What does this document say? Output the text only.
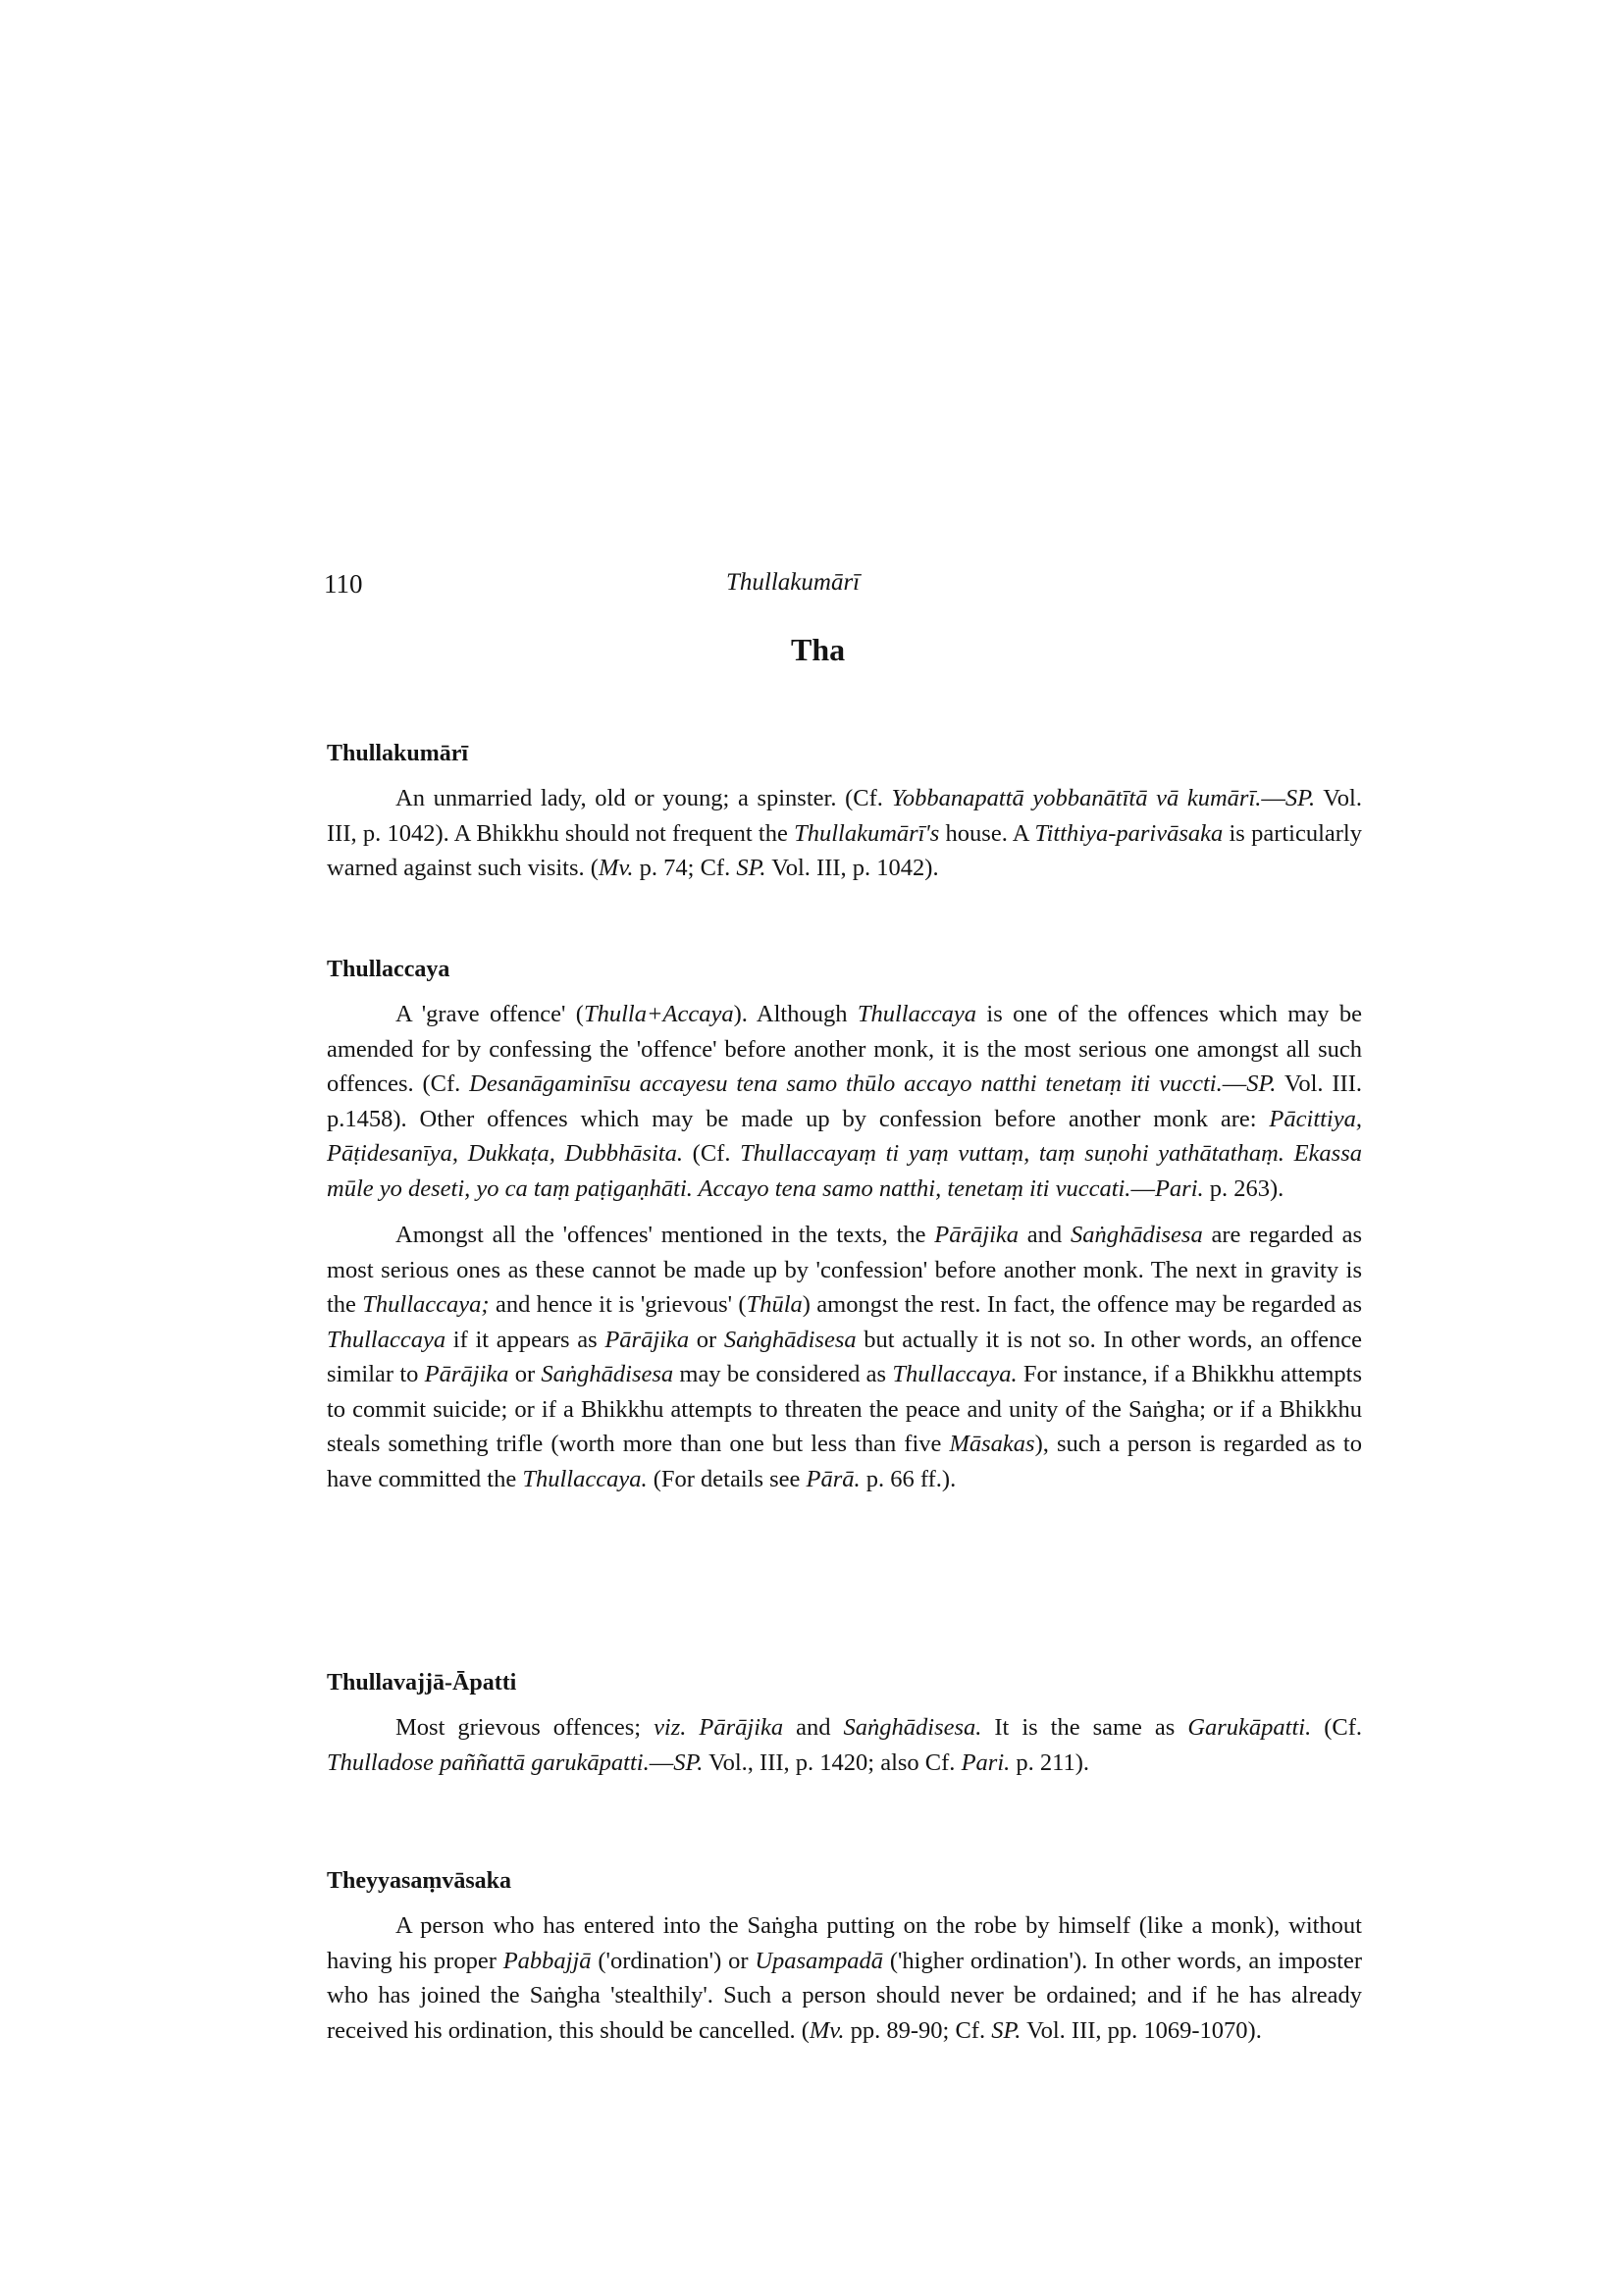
110	Thullakumārī
Tha
Thullakumārī

An unmarried lady, old or young; a spinster. (Cf. Yobbanapattā yobbanātītā vā kumārī.—SP. Vol. III, p. 1042). A Bhikkhu should not frequent the Thullakumārī's house. A Titthiya-parivāsaka is particularly warned against such visits. (Mv. p. 74; Cf. SP. Vol. III, p. 1042).

Thullaccaya

A 'grave offence' (Thulla+Accaya). Although Thullaccaya is one of the offences which may be amended for by confessing the 'offence' before another monk, it is the most serious one amongst all such offences. (Cf. Desanāgaminīsu accayesu tena samo thūlo accayo natthi tenetaṃ iti vuccti.—SP. Vol. III. p.1458). Other offences which may be made up by confession before another monk are: Pācittiya, Pāṭidesanīya, Dukkaṭa, Dubbhāsita. (Cf. Thullaccayaṃ ti yaṃ vuttaṃ, taṃ suṇohi yathātathaṃ. Ekassa mūle yo deseti, yo ca taṃ paṭigaṇhāti. Accayo tena samo natthi, tenetaṃ iti vuccati.—Pari. p. 263).

Amongst all the 'offences' mentioned in the texts, the Pārājika and Saṅghādisesa are regarded as most serious ones as these cannot be made up by 'confession' before another monk. The next in gravity is the Thullaccaya; and hence it is 'grievous' (Thūla) amongst the rest. In fact, the offence may be regarded as Thullaccaya if it appears as Pārājika or Saṅghādisesa but actually it is not so. In other words, an offence similar to Pārājika or Saṅghādisesa may be considered as Thullaccaya. For instance, if a Bhikkhu attempts to commit suicide; or if a Bhikkhu attempts to threaten the peace and unity of the Saṅgha; or if a Bhikkhu steals something trifle (worth more than one but less than five Māsakas), such a person is regarded as to have committed the Thullaccaya. (For details see Pārā. p. 66 ff.).

Thullavajjā-Āpatti

Most grievous offences; viz. Pārājika and Saṅghādisesa. It is the same as Garukāpatti. (Cf. Thulladose paññattā garukāpatti.—SP. Vol., III, p. 1420; also Cf. Pari. p. 211).

Theyyasaṃvāsaka

A person who has entered into the Saṅgha putting on the robe by himself (like a monk), without having his proper Pabbajjā ('ordination') or Upasampadā ('higher ordination'). In other words, an imposter who has joined the Saṅgha 'stealthily'. Such a person should never be ordained; and if he has already received his ordination, this should be cancelled. (Mv. pp. 89-90; Cf. SP. Vol. III, pp. 1069-1070).
